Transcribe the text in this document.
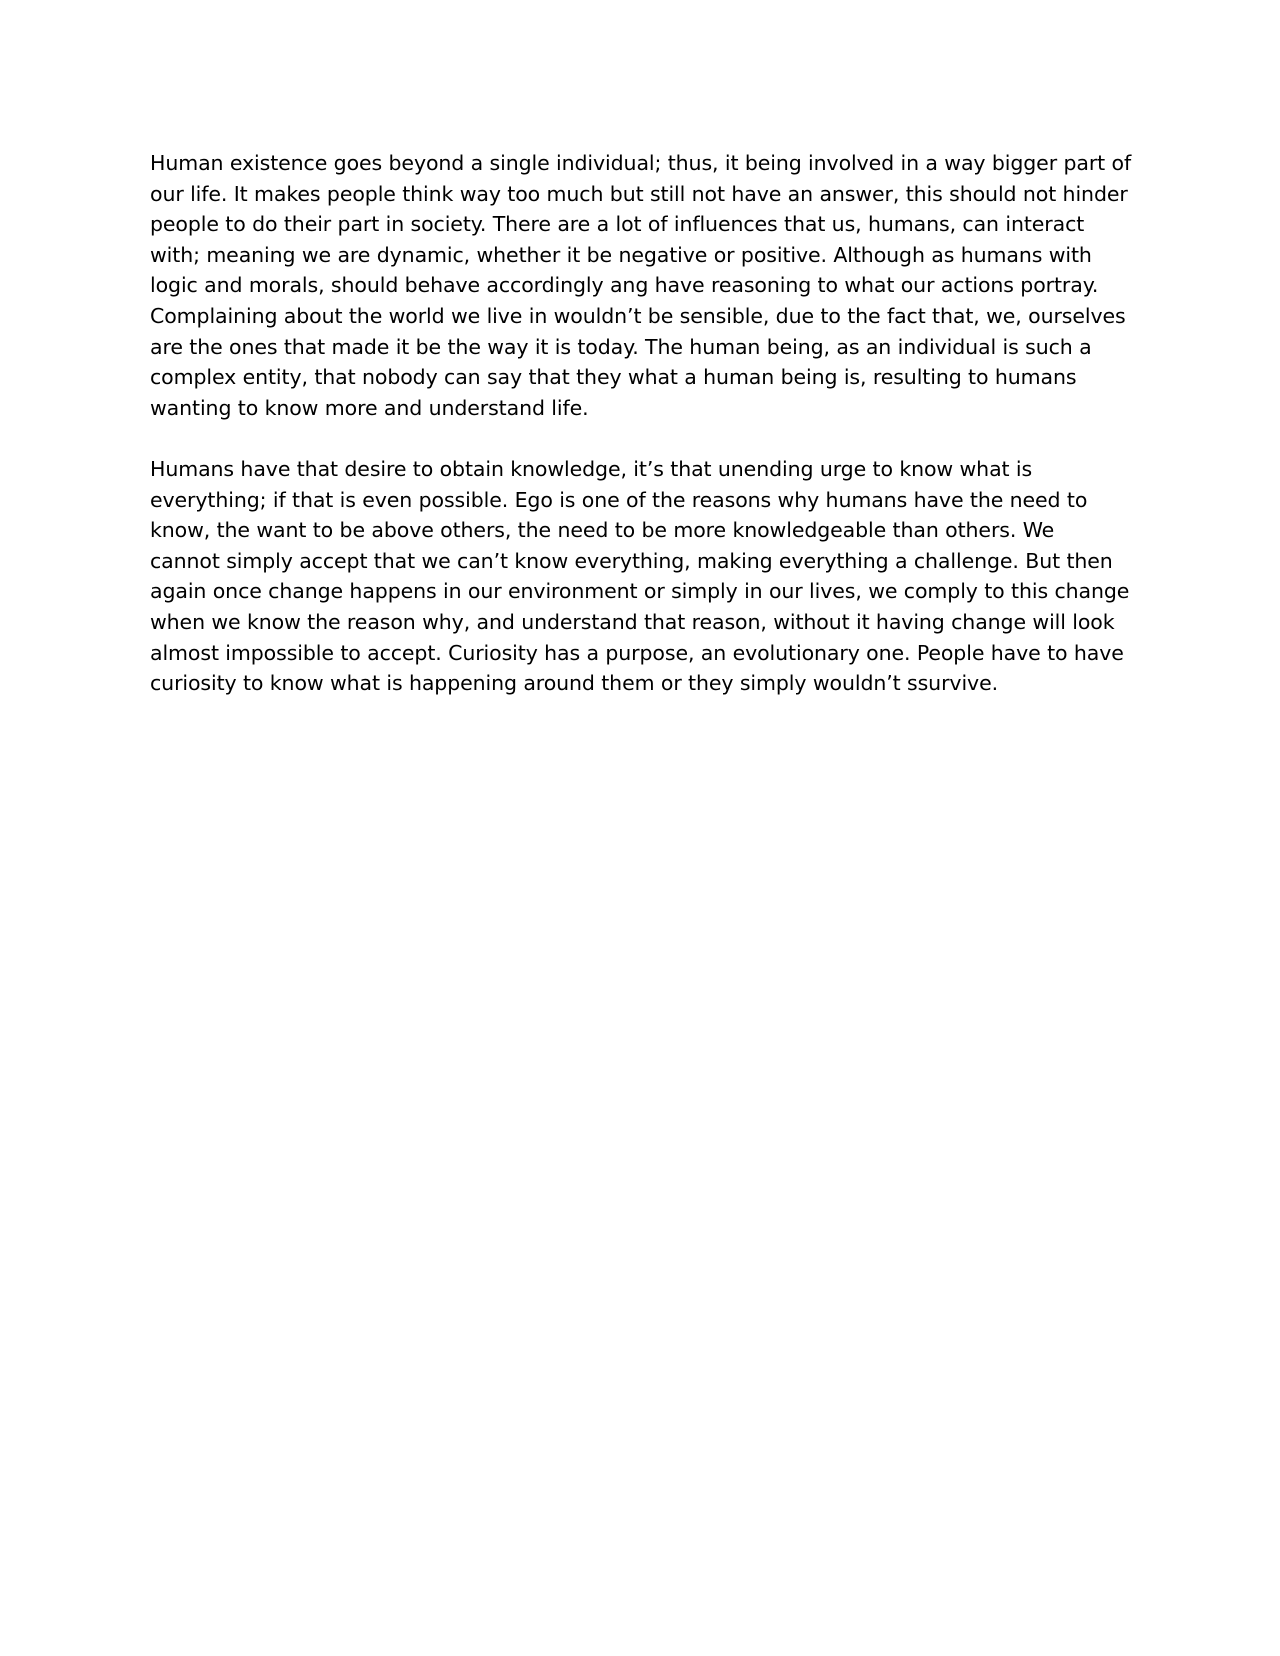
Human existence goes beyond a single individual; thus, it being involved in a way bigger part of
our life. It makes people think way too much but still not have an answer, this should not hinder
people to do their part in society. There are a lot of influences that us, humans, can interact
with; meaning we are dynamic, whether it be negative or positive. Although as humans with
logic and morals, should behave accordingly ang have reasoning to what our actions portray.
Complaining about the world we live in wouldn’t be sensible, due to the fact that, we, ourselves
are the ones that made it be the way it is today. The human being, as an individual is such a
complex entity, that nobody can say that they what a human being is, resulting to humans
wanting to know more and understand life.
Humans have that desire to obtain knowledge, it’s that unending urge to know what is
everything; if that is even possible. Ego is one of the reasons why humans have the need to
know, the want to be above others, the need to be more knowledgeable than others. We
cannot simply accept that we can’t know everything, making everything a challenge. But then
again once change happens in our environment or simply in our lives, we comply to this change
when we know the reason why, and understand that reason, without it having change will look
almost impossible to accept. Curiosity has a purpose, an evolutionary one. People have to have
curiosity to know what is happening around them or they simply wouldn’t ssurvive.
